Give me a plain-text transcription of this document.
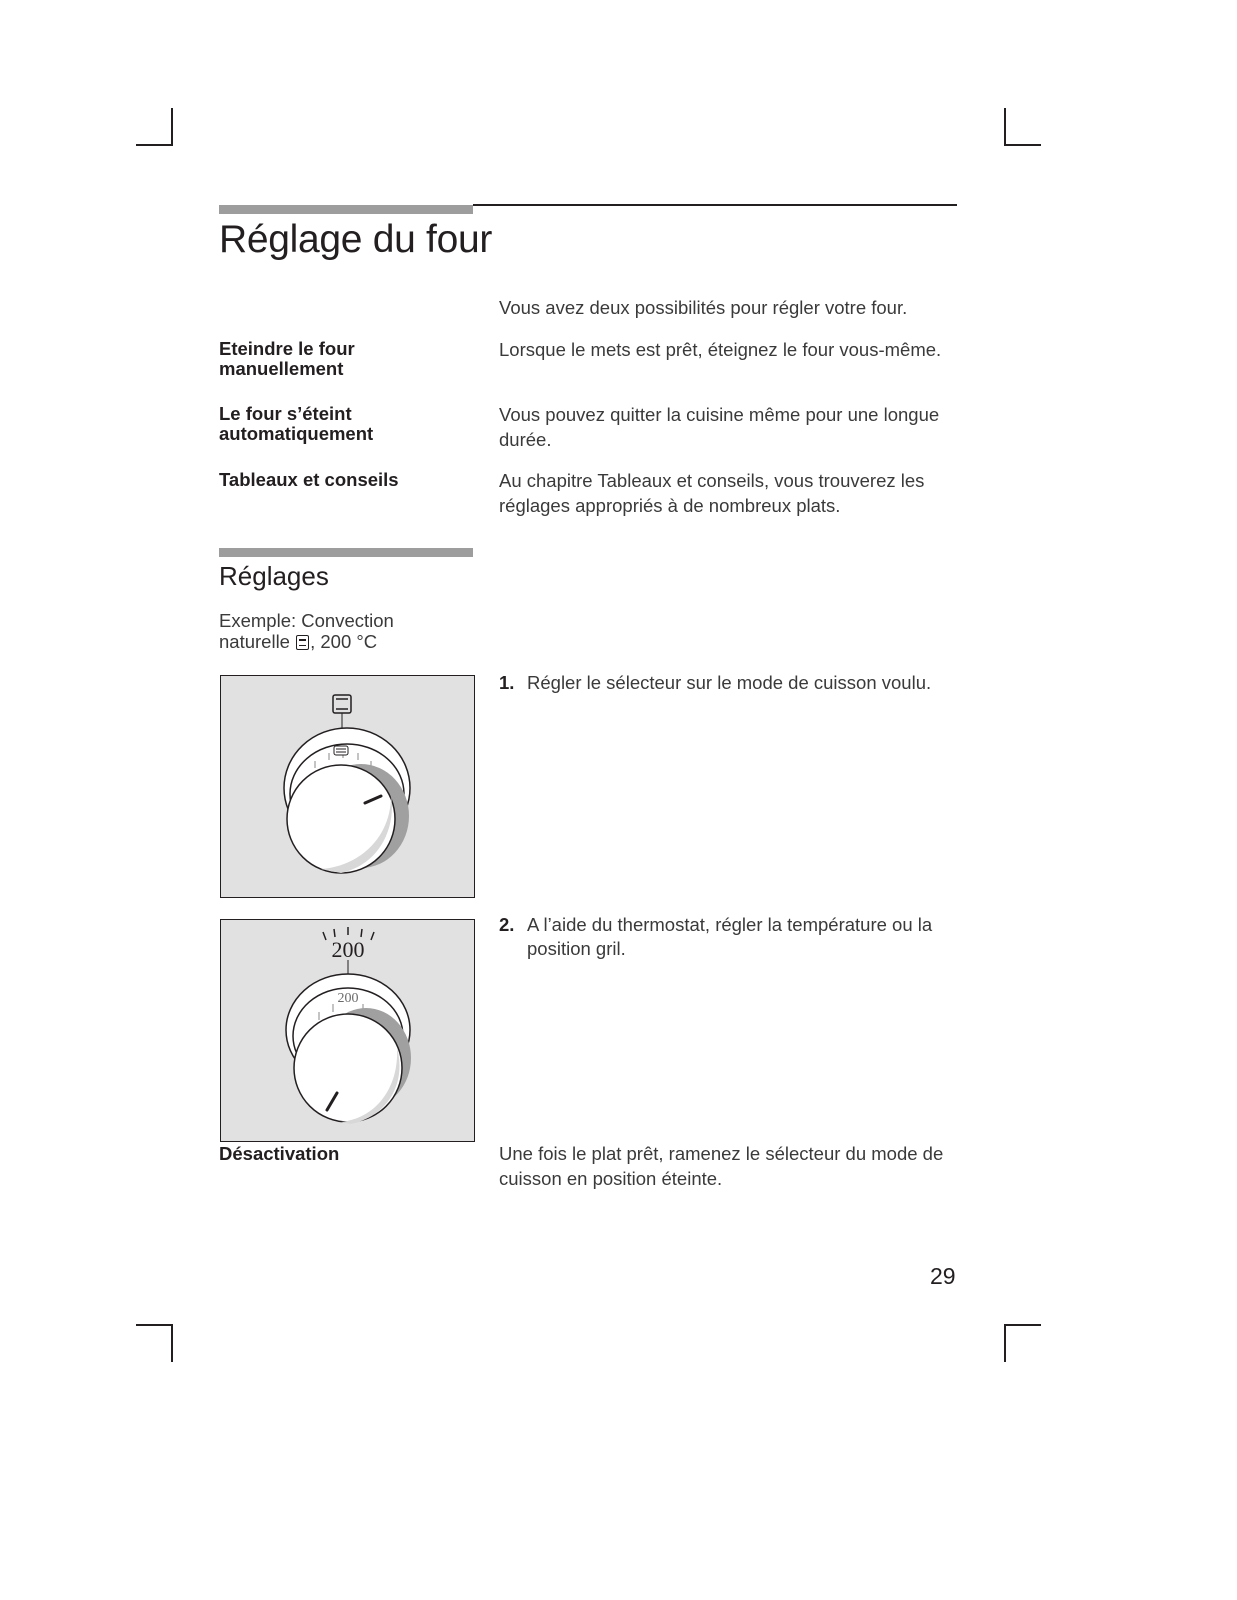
Réglage du four
Vous avez deux possibilités pour régler votre four.
Eteindre le four
manuellement
Lorsque le mets est prêt, éteignez le four vous-même.
Le four s’éteint
automatiquement
Vous pouvez quitter la cuisine même pour une longue durée.
Tableaux et conseils	Au chapitre Tableaux et conseils, vous trouverez les réglages appropriés à de nombreux plats.
Réglages
Exemple: Convection
naturelle , 200 °C
1. Régler le sélecteur sur le mode de cuisson voulu.
200
200
2. A l’aide du thermostat, régler la température ou la position gril.
Désactivation	Une fois le plat prêt, ramenez le sélecteur du mode de cuisson en position éteinte.
29
